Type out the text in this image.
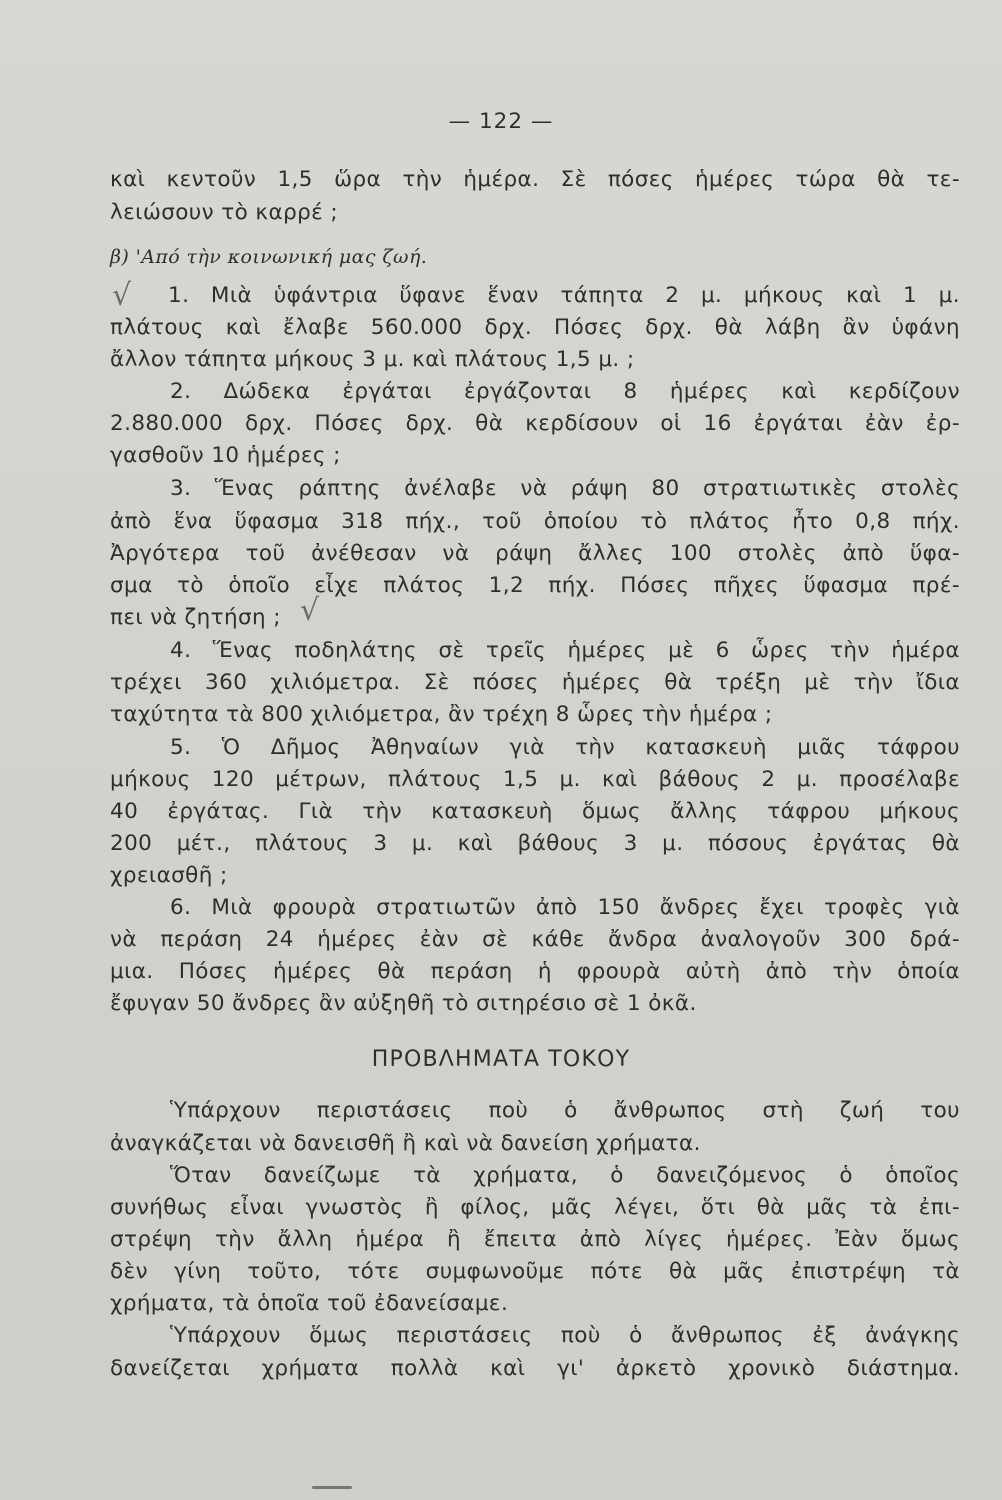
— 122 —
καὶ κεντοῦν 1,5 ὥρα τὴν ἡμέρα. Σὲ πόσες ἡμέρες τώρα θὰ τε-
λειώσουν τὸ καρρέ ;
β) 'Από τὴν κοινωνική μας ζωή.
√	1. Μιὰ ὑφάντρια ὕφανε ἕναν τάπητα 2 μ. μήκους καὶ 1 μ.
πλάτους καὶ ἔλαβε 560.000 δρχ. Πόσες δρχ. θὰ λάβη ἂν ὑφάνη
ἄλλον τάπητα μήκους 3 μ. καὶ πλάτους 1,5 μ. ;
2. Δώδεκα ἐργάται ἐργάζονται 8 ἡμέρες καὶ κερδίζουν
2.880.000 δρχ. Πόσες δρχ. θὰ κερδίσουν οἱ 16 ἐργάται ἐὰν ἐρ-
γασθοῦν 10 ἡμέρες ;
3. Ἕνας ράπτης ἀνέλαβε νὰ ράψη 80 στρατιωτικὲς στολὲς
ἀπὸ ἕνα ὕφασμα 318 πήχ., τοῦ ὁποίου τὸ πλάτος ἦτο 0,8 πήχ.
Ἀργότερα τοῦ ἀνέθεσαν νὰ ράψη ἄλλες 100 στολὲς ἀπὸ ὕφα-
σμα τὸ ὁποῖο εἶχε πλάτος 1,2 πήχ. Πόσες πῆχες ὕφασμα πρέ-
πει νὰ ζητήση ; √
4. Ἕνας ποδηλάτης σὲ τρεῖς ἡμέρες μὲ 6 ὧρες τὴν ἡμέρα
τρέχει 360 χιλιόμετρα. Σὲ πόσες ἡμέρες θὰ τρέξη μὲ τὴν ἴδια
ταχύτητα τὰ 800 χιλιόμετρα, ἂν τρέχη 8 ὧρες τὴν ἡμέρα ;
5. Ὁ Δῆμος Ἀθηναίων γιὰ τὴν κατασκευὴ μιᾶς τάφρου
μήκους 120 μέτρων, πλάτους 1,5 μ. καὶ βάθους 2 μ. προσέλαβε
40 ἐργάτας. Γιὰ τὴν κατασκευὴ ὅμως ἄλλης τάφρου μήκους
200 μέτ., πλάτους 3 μ. καὶ βάθους 3 μ. πόσους ἐργάτας θὰ
χρειασθῆ ;
6. Μιὰ φρουρὰ στρατιωτῶν ἀπὸ 150 ἄνδρες ἔχει τροφὲς γιὰ
νὰ περάση 24 ἡμέρες ἐὰν σὲ κάθε ἄνδρα ἀναλογοῦν 300 δρά-
μια. Πόσες ἡμέρες θὰ περάση ἡ φρουρὰ αὐτὴ ἀπὸ τὴν ὁποία
ἔφυγαν 50 ἄνδρες ἂν αὐξηθῆ τὸ σιτηρέσιο σὲ 1 ὀκᾶ.
ΠΡΟΒΛΗΜΑΤΑ ΤΟΚΟΥ
Ὑπάρχουν περιστάσεις ποὺ ὁ ἄνθρωπος στὴ ζωή του
ἀναγκάζεται νὰ δανεισθῆ ἢ καὶ νὰ δανείση χρήματα.
Ὅταν δανείζωμε τὰ χρήματα, ὁ δανειζόμενος ὁ ὁποῖος
συνήθως εἶναι γνωστὸς ἢ φίλος, μᾶς λέγει, ὅτι θὰ μᾶς τὰ ἐπι-
στρέψη τὴν ἄλλη ἡμέρα ἢ ἔπειτα ἀπὸ λίγες ἡμέρες. Ἐὰν ὅμως
δὲν γίνη τοῦτο, τότε συμφωνοῦμε πότε θὰ μᾶς ἐπιστρέψη τὰ
χρήματα, τὰ ὁποῖα τοῦ ἐδανείσαμε.
Ὑπάρχουν ὅμως περιστάσεις ποὺ ὁ ἄνθρωπος ἐξ ἀνάγκης
δανείζεται χρήματα πολλὰ καὶ γι' ἀρκετὸ χρονικὸ διάστημα.
